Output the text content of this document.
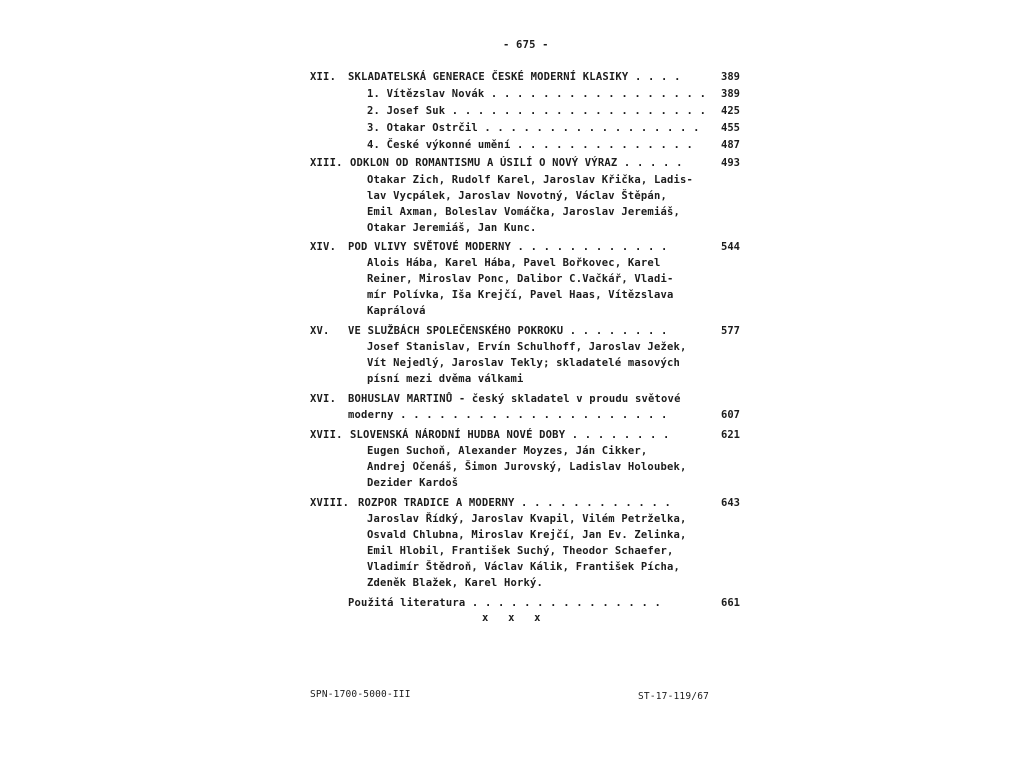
- 675 -
XII. SKLADATELSKÁ GENERACE ČESKÉ MODERNÍ KLASIKY . . . .	389
1. Vítězslav Novák . . . . . . . . . . . . . . . . .	389
2. Josef Suk . . . . . . . . . . . . . . . . . . . .	425
3. Otakar Ostrčil . . . . . . . . . . . . . . . . .	455
4. České výkonné umění . . . . . . . . . . . . . .	487
XIII. ODKLON OD ROMANTISMU A ÚSILÍ O NOVÝ VÝRAZ . . . . .	493
Otakar Zich, Rudolf Karel, Jaroslav Křička, Ladis-
lav Vycpálek, Jaroslav Novotný, Václav Štěpán,
Emil Axman, Boleslav Vomáčka, Jaroslav Jeremiáš,
Otakar Jeremiáš, Jan Kunc.
XIV. POD VLIVY SVĚTOVÉ MODERNY . . . . . . . . . . . .	544
Alois Hába, Karel Hába, Pavel Bořkovec, Karel
Reiner, Miroslav Ponc, Dalibor C.Vačkář, Vladi-
mír Polívka, Iša Krejčí, Pavel Haas, Vítězslava
Kaprálová
XV. VE SLUŽBÁCH SPOLEČENSKÉHO POKROKU . . . . . . . .	577
Josef Stanislav, Ervín Schulhoff, Jaroslav Ježek,
Vít Nejedlý, Jaroslav Tekly; skladatelé masových
písní mezi dvěma válkami
XVI. BOHUSLAV MARTINŮ - český skladatel v proudu světové
moderny . . . . . . . . . . . . . . . . . . . . .	607
XVII. SLOVENSKÁ NÁRODNÍ HUDBA NOVÉ DOBY . . . . . . . .	621
Eugen Suchoň, Alexander Moyzes, Ján Cikker,
Andrej Očenáš, Šimon Jurovský, Ladislav Holoubek,
Dezider Kardoš
XVIII. ROZPOR TRADICE A MODERNY . . . . . . . . . . . .	643
Jaroslav Řídký, Jaroslav Kvapil, Vilém Petrželka,
Osvald Chlubna, Miroslav Krejčí, Jan Ev. Zelinka,
Emil Hlobil, František Suchý, Theodor Schaefer,
Vladimír Štědroň, Václav Kálik, František Pícha,
Zdeněk Blažek, Karel Horký.
Použitá literatura . . . . . . . . . . . . . . .	661
x   x   x
SPN-1700-5000-III	ST-17-119/67
